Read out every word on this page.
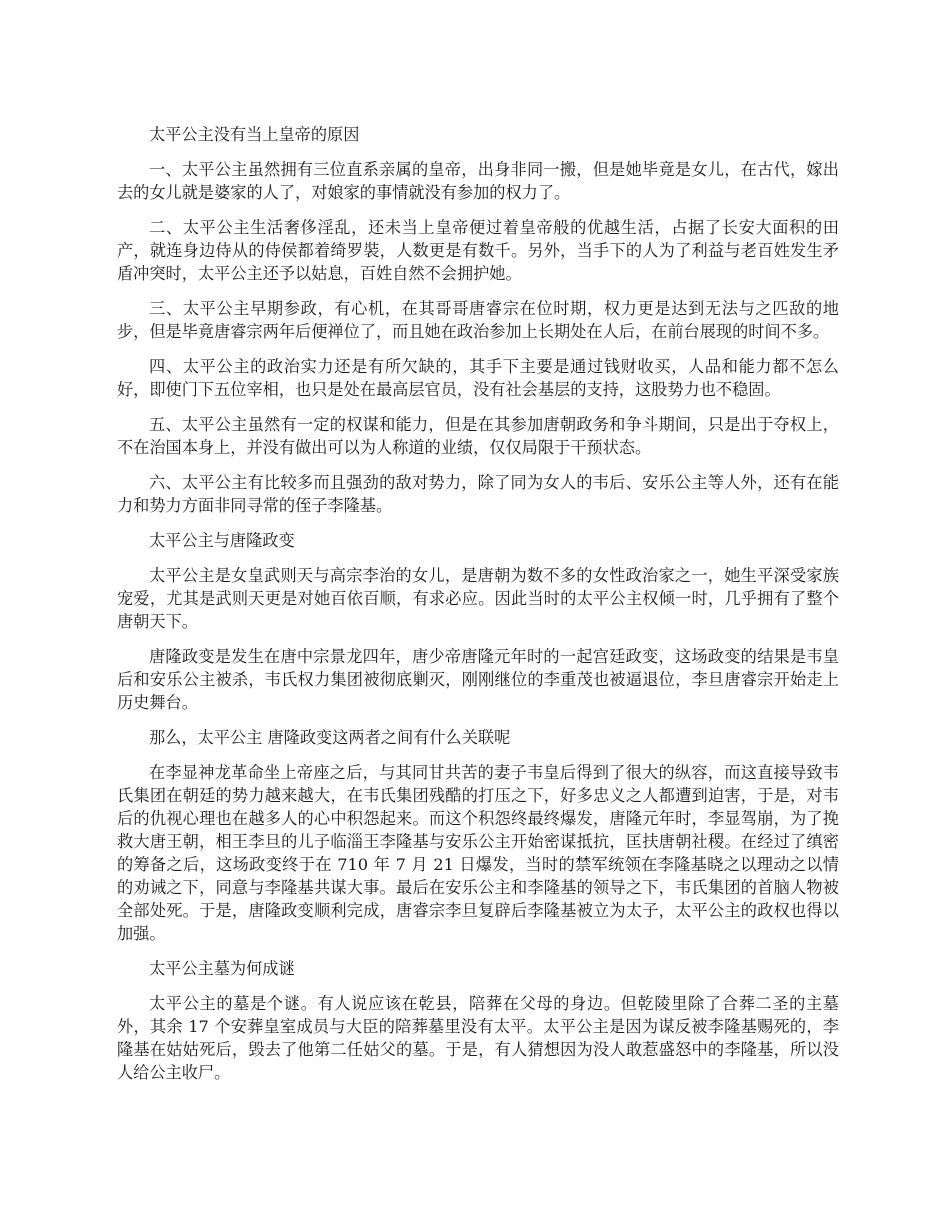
太平公主没有当上皇帝的原因

一、太平公主虽然拥有三位直系亲属的皇帝，出身非同一搬，但是她毕竟是女儿，在古代，嫁出去的女儿就是婆家的人了，对娘家的事情就没有参加的权力了。

二、太平公主生活奢侈淫乱，还未当上皇帝便过着皇帝般的优越生活，占据了长安大面积的田产，就连身边侍从的侍侯都着绮罗裝，人数更是有数千。另外，当手下的人为了利益与老百姓发生矛盾冲突时，太平公主还予以姑息，百姓自然不会拥护她。

三、太平公主早期参政，有心机，在其哥哥唐睿宗在位时期，权力更是达到无法与之匹敌的地步，但是毕竟唐睿宗两年后便禅位了，而且她在政治参加上长期处在人后，在前台展现的时间不多。

四、太平公主的政治实力还是有所欠缺的，其手下主要是通过钱财收买，人品和能力都不怎么好，即使门下五位宰相，也只是处在最高层官员，没有社会基层的支持，这股势力也不稳固。

五、太平公主虽然有一定的权谋和能力，但是在其参加唐朝政务和争斗期间，只是出于夺权上，不在治国本身上，并没有做出可以为人称道的业绩，仅仅局限于干预状态。

六、太平公主有比较多而且强劲的敌对势力，除了同为女人的韦后、安乐公主等人外，还有在能力和势力方面非同寻常的侄子李隆基。

太平公主与唐隆政变

太平公主是女皇武则天与高宗李治的女儿，是唐朝为数不多的女性政治家之一，她生平深受家族宠爱，尤其是武则天更是对她百依百顺，有求必应。因此当时的太平公主权倾一时，几乎拥有了整个唐朝天下。

唐隆政变是发生在唐中宗景龙四年，唐少帝唐隆元年时的一起宫廷政变，这场政变的结果是韦皇后和安乐公主被杀，韦氏权力集团被彻底剿灭，刚刚继位的李重茂也被逼退位，李旦唐睿宗开始走上历史舞台。

那么，太平公主 唐隆政变这两者之间有什么关联呢

在李显神龙革命坐上帝座之后，与其同甘共苦的妻子韦皇后得到了很大的纵容，而这直接导致韦氏集团在朝廷的势力越来越大，在韦氏集团残酷的打压之下，好多忠义之人都遭到迫害，于是，对韦后的仇视心理也在越多人的心中积怨起来。而这个积怨终最终爆发，唐隆元年时，李显驾崩，为了挽救大唐王朝，相王李旦的儿子临淄王李隆基与安乐公主开始密谋抵抗，匡扶唐朝社稷。在经过了缜密的筹备之后，这场政变终于在 710 年 7 月 21 日爆发，当时的禁军统领在李隆基晓之以理动之以情的劝诫之下，同意与李隆基共谋大事。最后在安乐公主和李隆基的领导之下，韦氏集团的首脑人物被全部处死。于是，唐隆政变顺利完成，唐睿宗李旦复辟后李隆基被立为太子，太平公主的政权也得以加强。

太平公主墓为何成谜

太平公主的墓是个谜。有人说应该在乾县，陪葬在父母的身边。但乾陵里除了合葬二圣的主墓外，其余 17 个安葬皇室成员与大臣的陪葬墓里没有太平。太平公主是因为谋反被李隆基赐死的，李隆基在姑姑死后，毁去了他第二任姑父的墓。于是，有人猜想因为没人敢惹盛怒中的李隆基，所以没人给公主收尸。
